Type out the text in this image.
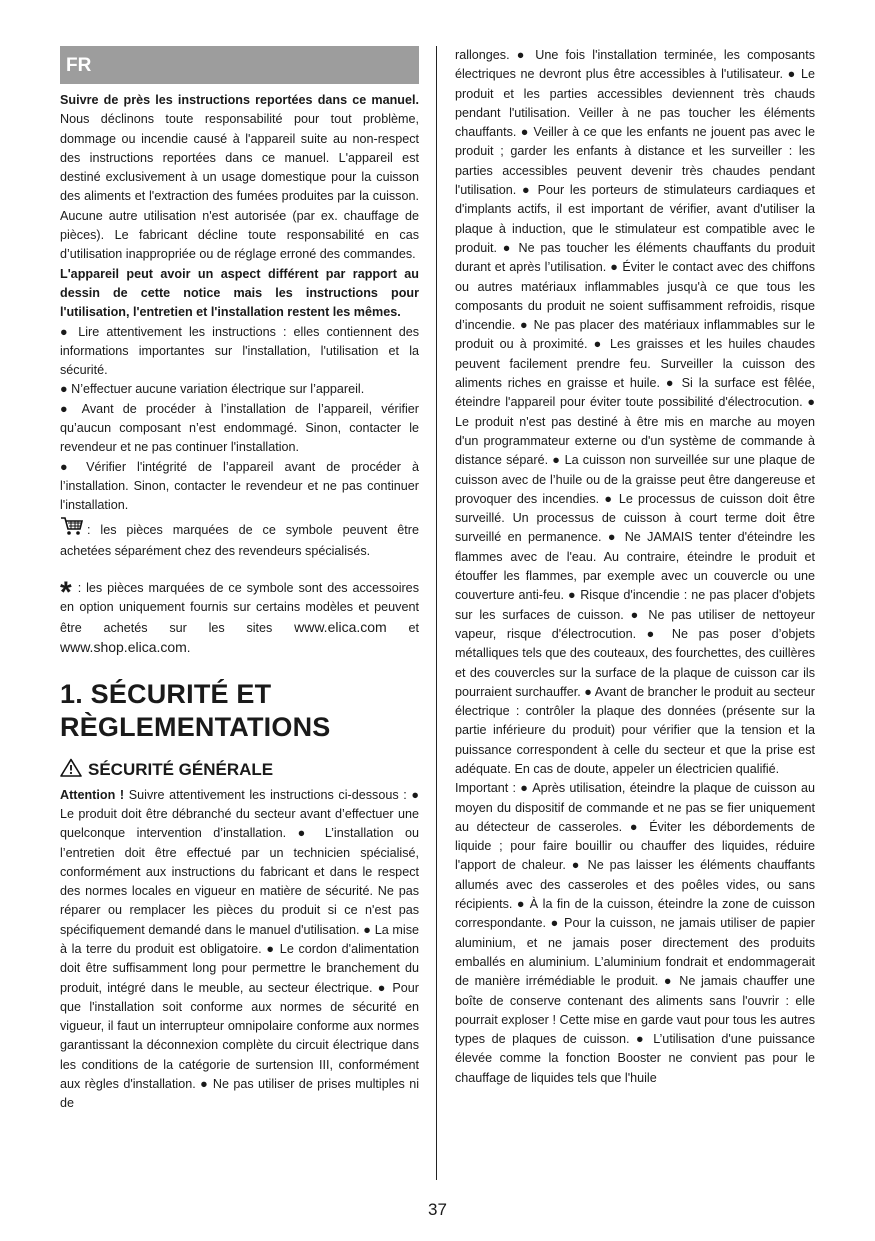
FR

Suivre de près les instructions reportées dans ce manuel. Nous déclinons toute responsabilité pour tout problème, dommage ou incendie causé à l'appareil suite au non-respect des instructions reportées dans ce manuel. L'appareil est destiné exclusivement à un usage domestique pour la cuisson des aliments et l'extraction des fumées produites par la cuisson. Aucune autre utilisation n'est autorisée (par ex. chauffage de pièces). Le fabricant décline toute responsabilité en cas d’utilisation inappropriée ou de réglage erroné des commandes.

L'appareil peut avoir un aspect différent par rapport au dessin de cette notice mais les instructions pour l'utilisation, l'entretien et l'installation restent les mêmes.

● Lire attentivement les instructions : elles contiennent des informations importantes sur l'installation, l'utilisation et la sécurité.

● N’effectuer aucune variation électrique sur l’appareil.

● Avant de procéder à l’installation de l’appareil, vérifier qu’aucun composant n’est endommagé. Sinon, contacter le revendeur et ne pas continuer l'installation.

● Vérifier l'intégrité de l’appareil avant de procéder à l’installation. Sinon, contacter le revendeur et ne pas continuer l'installation.

: les pièces marquées de ce symbole peuvent être achetées séparément chez des revendeurs spécialisés.

* : les pièces marquées de ce symbole sont des accessoires en option uniquement fournis sur certains modèles et peuvent être achetés sur les sites www.elica.com et www.shop.elica.com.

1. SÉCURITÉ ET
RÈGLEMENTATIONS
SÉCURITÉ GÉNÉRALE

Attention ! Suivre attentivement les instructions ci-dessous : ● Le produit doit être débranché du secteur avant d’effectuer une quelconque intervention d’installation. ● L’installation ou l’entretien doit être effectué par un technicien spécialisé, conformément aux instructions du fabricant et dans le respect des normes locales en vigueur en matière de sécurité. Ne pas réparer ou remplacer les pièces du produit si ce n'est pas spécifiquement demandé dans le manuel d'utilisation. ● La mise à la terre du produit est obligatoire. ● Le cordon d'alimentation doit être suffisamment long pour permettre le branchement du produit, intégré dans le meuble, au secteur électrique. ● Pour que l'installation soit conforme aux normes de sécurité en vigueur, il faut un interrupteur omnipolaire conforme aux normes garantissant la déconnexion complète du circuit électrique dans les conditions de la catégorie de surtension III, conformément aux règles d'installation. ● Ne pas utiliser de prises multiples ni de

rallonges. ● Une fois l'installation terminée, les composants électriques ne devront plus être accessibles à l'utilisateur. ● Le produit et les parties accessibles deviennent très chauds pendant l'utilisation. Veiller à ne pas toucher les éléments chauffants. ● Veiller à ce que les enfants ne jouent pas avec le produit ; garder les enfants à distance et les surveiller : les parties accessibles peuvent devenir très chaudes pendant l'utilisation. ● Pour les porteurs de stimulateurs cardiaques et d'implants actifs, il est important de vérifier, avant d'utiliser la plaque à induction, que le stimulateur est compatible avec le produit. ● Ne pas toucher les éléments chauffants du produit durant et après l’utilisation. ● Éviter le contact avec des chiffons ou autres matériaux inflammables jusqu'à ce que tous les composants du produit ne soient suffisamment refroidis, risque d’incendie. ● Ne pas placer des matériaux inflammables sur le produit ou à proximité. ● Les graisses et les huiles chaudes peuvent facilement prendre feu. Surveiller la cuisson des aliments riches en graisse et huile. ● Si la surface est fêlée, éteindre l'appareil pour éviter toute possibilité d'électrocution. ● Le produit n'est pas destiné à être mis en marche au moyen d'un programmateur externe ou d'un système de commande à distance séparé. ● La cuisson non surveillée sur une plaque de cuisson avec de l’huile ou de la graisse peut être dangereuse et provoquer des incendies. ● Le processus de cuisson doit être surveillé. Un processus de cuisson à court terme doit être surveillé en permanence. ● Ne JAMAIS tenter d'éteindre les flammes avec de l'eau. Au contraire, éteindre le produit et étouffer les flammes, par exemple avec un couvercle ou une couverture anti-feu. ● Risque d'incendie : ne pas placer d'objets sur les surfaces de cuisson. ● Ne pas utiliser de nettoyeur vapeur, risque d'électrocution. ● Ne pas poser d’objets métalliques tels que des couteaux, des fourchettes, des cuillères et des couvercles sur la surface de la plaque de cuisson car ils pourraient surchauffer. ● Avant de brancher le produit au secteur électrique : contrôler la plaque des données (présente sur la partie inférieure du produit) pour vérifier que la tension et la puissance correspondent à celle du secteur et que la prise est adéquate. En cas de doute, appeler un électricien qualifié.

Important : ● Après utilisation, éteindre la plaque de cuisson au moyen du dispositif de commande et ne pas se fier uniquement au détecteur de casseroles. ● Éviter les débordements de liquide ; pour faire bouillir ou chauffer des liquides, réduire l'apport de chaleur. ● Ne pas laisser les éléments chauffants allumés avec des casseroles et des poêles vides, ou sans récipients. ● À la fin de la cuisson, éteindre la zone de cuisson correspondante. ● Pour la cuisson, ne jamais utiliser de papier aluminium, et ne jamais poser directement des produits emballés en aluminium. L’aluminium fondrait et endommagerait de manière irrémédiable le produit. ● Ne jamais chauffer une boîte de conserve contenant des aliments sans l'ouvrir : elle pourrait exploser ! Cette mise en garde vaut pour tous les autres types de plaques de cuisson. ● L’utilisation d'une puissance élevée comme la fonction Booster ne convient pas pour le chauffage de liquides tels que l'huile

37
